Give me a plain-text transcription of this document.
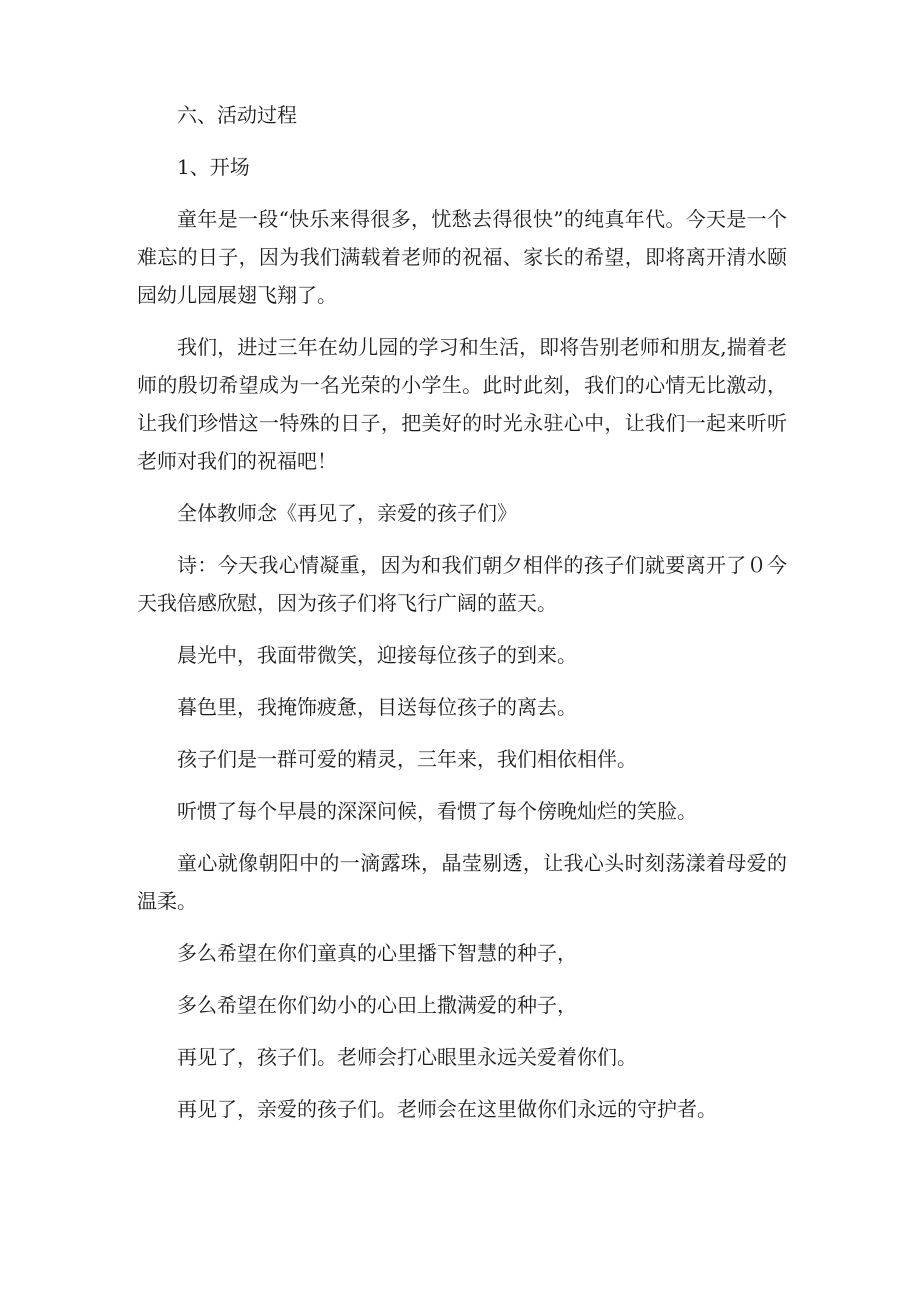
六、活动过程

1、开场

童年是一段“快乐来得很多，忧愁去得很快”的纯真年代。今天是一个难忘的日子，因为我们满载着老师的祝福、家长的希望，即将离开清水颐园幼儿园展翅飞翔了。

我们，进过三年在幼儿园的学习和生活，即将告别老师和朋友,揣着老师的殷切希望成为一名光荣的小学生。此时此刻，我们的心情无比激动，让我们珍惜这一特殊的日子，把美好的时光永驻心中，让我们一起来听听老师对我们的祝福吧！

全体教师念《再见了，亲爱的孩子们》

诗：今天我心情凝重，因为和我们朝夕相伴的孩子们就要离开了０今天我倍感欣慰，因为孩子们将飞行广阔的蓝天。

晨光中，我面带微笑，迎接每位孩子的到来。

暮色里，我掩饰疲惫，目送每位孩子的离去。

孩子们是一群可爱的精灵，三年来，我们相依相伴。

听惯了每个早晨的深深问候，看惯了每个傍晚灿烂的笑脸。

童心就像朝阳中的一滴露珠，晶莹剔透，让我心头时刻荡漾着母爱的温柔。

多么希望在你们童真的心里播下智慧的种子，

多么希望在你们幼小的心田上撒满爱的种子，

再见了，孩子们。老师会打心眼里永远关爱着你们。

再见了，亲爱的孩子们。老师会在这里做你们永远的守护者。
